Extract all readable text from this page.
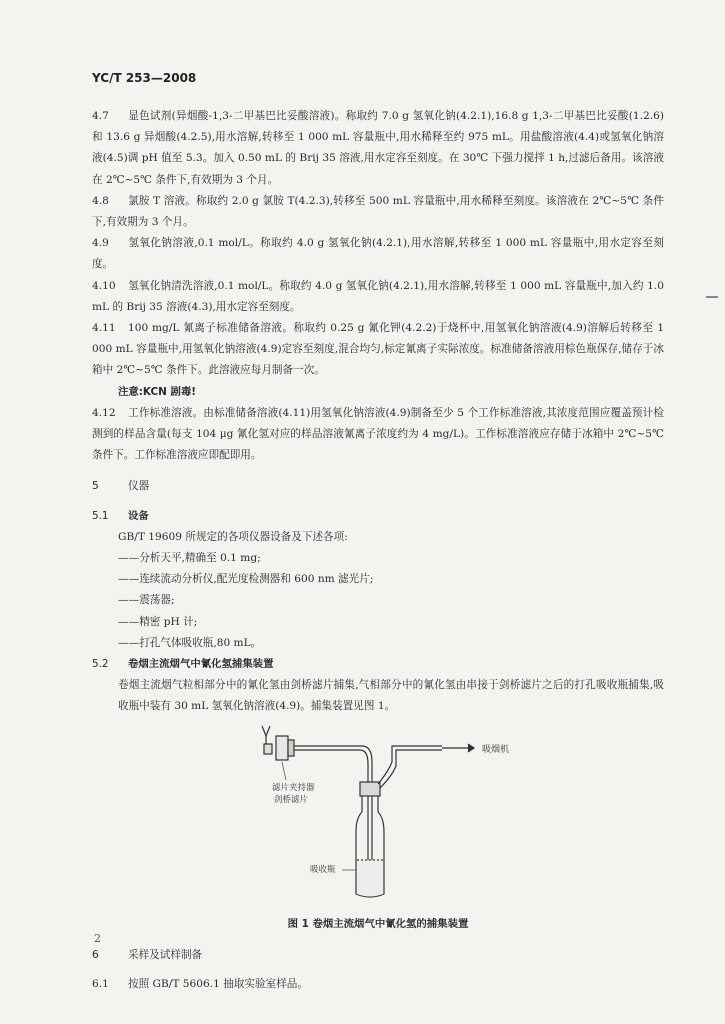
YC/T 253—2008

4.7 显色试剂(异烟酸-1,3-二甲基巴比妥酸溶液)。称取约 7.0 g 氢氧化钠(4.2.1),16.8 g 1,3-二甲基巴比妥酸(1.2.6)和 13.6 g 异烟酸(4.2.5),用水溶解,转移至 1 000 mL 容量瓶中,用水稀释至约 975 mL。用盐酸溶液(4.4)或氢氧化钠溶液(4.5)调 pH 值至 5.3。加入 0.50 mL 的 Brij 35 溶液,用水定容至刻度。在 30℃ 下强力搅拌 1 h,过滤后备用。该溶液在 2℃~5℃ 条件下,有效期为 3 个月。

4.8 氯胺 T 溶液。称取约 2.0 g 氯胺 T(4.2.3),转移至 500 mL 容量瓶中,用水稀释至刻度。该溶液在 2℃~5℃ 条件下,有效期为 3 个月。

4.9 氢氧化钠溶液,0.1 mol/L。称取约 4.0 g 氢氧化钠(4.2.1),用水溶解,转移至 1 000 mL 容量瓶中,用水定容至刻度。

4.10 氢氧化钠清洗溶液,0.1 mol/L。称取约 4.0 g 氢氧化钠(4.2.1),用水溶解,转移至 1 000 mL 容量瓶中,加入约 1.0 mL 的 Brij 35 溶液(4.3),用水定容至刻度。

4.11 100 mg/L 氰离子标准储备溶液。称取约 0.25 g 氰化钾(4.2.2)于烧杯中,用氢氧化钠溶液(4.9)溶解后转移至 1 000 mL 容量瓶中,用氢氧化钠溶液(4.9)定容至刻度,混合均匀,标定氰离子实际浓度。标准储备溶液用棕色瓶保存,储存于冰箱中 2℃~5℃ 条件下。此溶液应每月制备一次。

注意:KCN 剧毒!

4.12 工作标准溶液。由标准储备溶液(4.11)用氢氧化钠溶液(4.9)制备至少 5 个工作标准溶液,其浓度范围应覆盖预计检测到的样品含量(每支 104 μg 氰化氢对应的样品溶液氰离子浓度约为 4 mg/L)。工作标准溶液应存储于冰箱中 2℃~5℃ 条件下。工作标准溶液应即配即用。

5	仪器

5.1 设备

GB/T 19609 所规定的各项仪器设备及下述各项:

——分析天平,精确至 0.1 mg;

——连续流动分析仪,配光度检测器和 600 nm 滤光片;

——震荡器;

——精密 pH 计;

——打孔气体吸收瓶,80 mL。

5.2 卷烟主流烟气中氰化氢捕集装置

卷烟主流烟气粒相部分中的氰化氢由剑桥滤片捕集,气相部分中的氰化氢由串接于剑桥滤片之后的打孔吸收瓶捕集,吸收瓶中装有 30 mL 氢氧化钠溶液(4.9)。捕集装置见图 1。

吸烟机
滤片夹持器
剑桥滤片
吸收瓶
图 1 卷烟主流烟气中氰化氢的捕集装置

6	采样及试样制备

6.1 按照 GB/T 5606.1 抽取实验室样品。

2
